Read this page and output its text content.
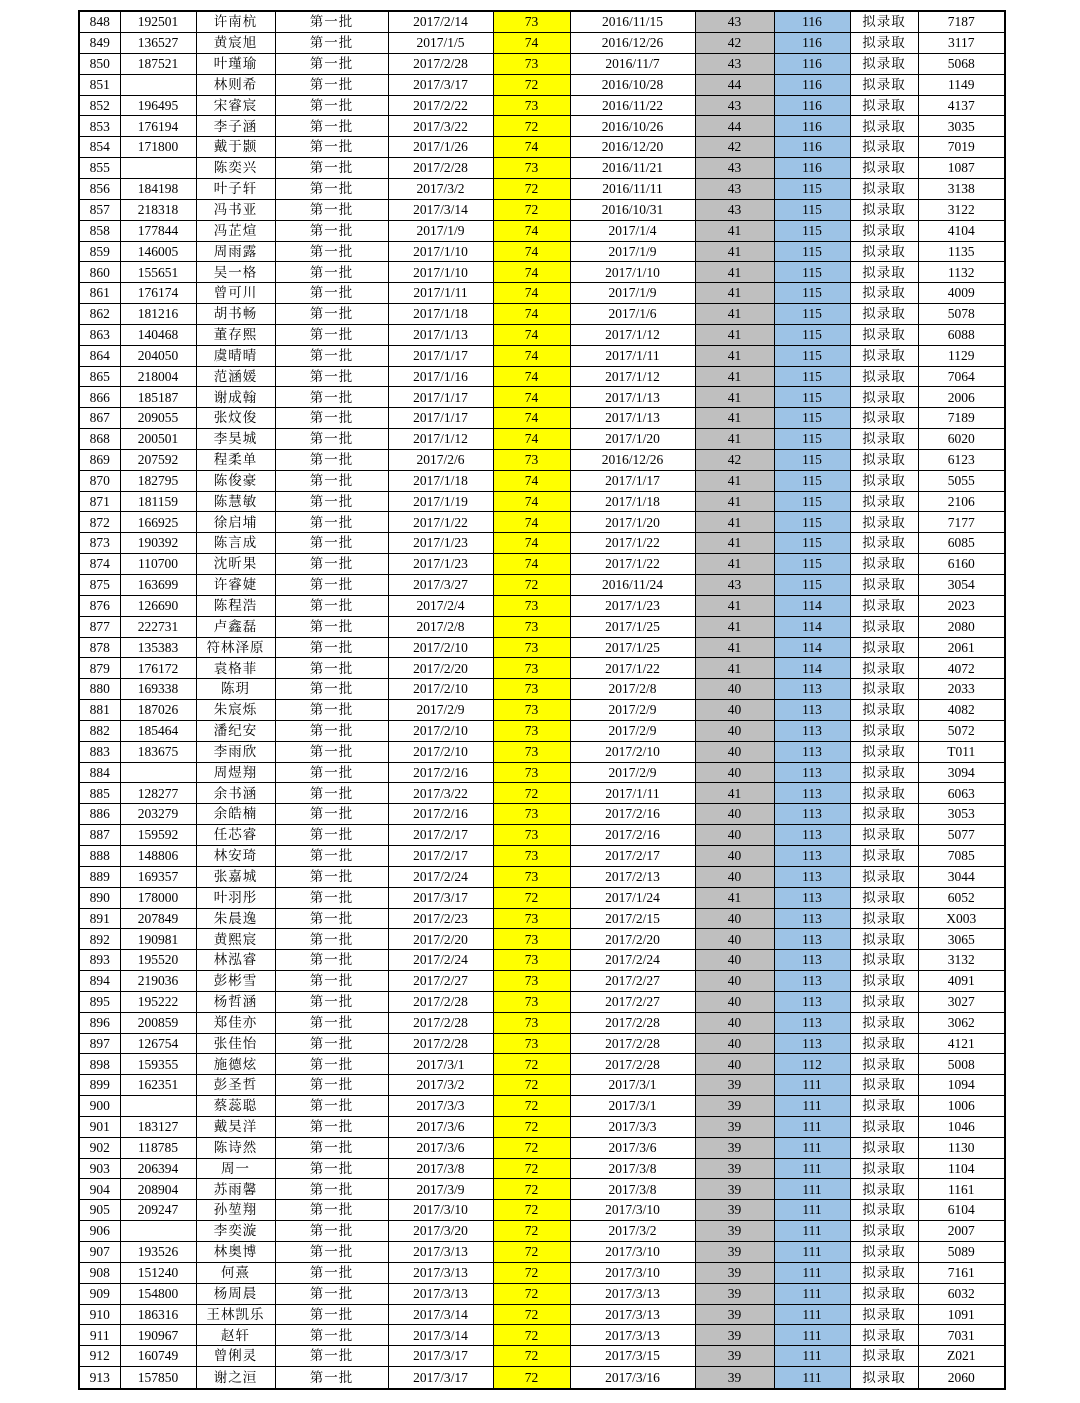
848	192501	许南杭	第一批	2017/2/14	73	2016/11/15	43	116	拟录取	7187
849	136527	黄宸旭	第一批	2017/1/5	74	2016/12/26	42	116	拟录取	3117
850	187521	叶瑾瑜	第一批	2017/2/28	73	2016/11/7	43	116	拟录取	5068
851		林则希	第一批	2017/3/17	72	2016/10/28	44	116	拟录取	1149
852	196495	宋睿宸	第一批	2017/2/22	73	2016/11/22	43	116	拟录取	4137
853	176194	李子涵	第一批	2017/3/22	72	2016/10/26	44	116	拟录取	3035
854	171800	戴于颢	第一批	2017/1/26	74	2016/12/20	42	116	拟录取	7019
855		陈奕兴	第一批	2017/2/28	73	2016/11/21	43	116	拟录取	1087
856	184198	叶子轩	第一批	2017/3/2	72	2016/11/11	43	115	拟录取	3138
857	218318	冯书亚	第一批	2017/3/14	72	2016/10/31	43	115	拟录取	3122
858	177844	冯芷煊	第一批	2017/1/9	74	2017/1/4	41	115	拟录取	4104
859	146005	周雨露	第一批	2017/1/10	74	2017/1/9	41	115	拟录取	1135
860	155651	吴一格	第一批	2017/1/10	74	2017/1/10	41	115	拟录取	1132
861	176174	曾可川	第一批	2017/1/11	74	2017/1/9	41	115	拟录取	4009
862	181216	胡书畅	第一批	2017/1/18	74	2017/1/6	41	115	拟录取	5078
863	140468	董存熙	第一批	2017/1/13	74	2017/1/12	41	115	拟录取	6088
864	204050	虞晴晴	第一批	2017/1/17	74	2017/1/11	41	115	拟录取	1129
865	218004	范涵媛	第一批	2017/1/16	74	2017/1/12	41	115	拟录取	7064
866	185187	谢成翰	第一批	2017/1/17	74	2017/1/13	41	115	拟录取	2006
867	209055	张炆俊	第一批	2017/1/17	74	2017/1/13	41	115	拟录取	7189
868	200501	李昊城	第一批	2017/1/12	74	2017/1/20	41	115	拟录取	6020
869	207592	程柔单	第一批	2017/2/6	73	2016/12/26	42	115	拟录取	6123
870	182795	陈俊豪	第一批	2017/1/18	74	2017/1/17	41	115	拟录取	5055
871	181159	陈慧敏	第一批	2017/1/19	74	2017/1/18	41	115	拟录取	2106
872	166925	徐启埔	第一批	2017/1/22	74	2017/1/20	41	115	拟录取	7177
873	190392	陈言成	第一批	2017/1/23	74	2017/1/22	41	115	拟录取	6085
874	110700	沈昕果	第一批	2017/1/23	74	2017/1/22	41	115	拟录取	6160
875	163699	许睿婕	第一批	2017/3/27	72	2016/11/24	43	115	拟录取	3054
876	126690	陈程浩	第一批	2017/2/4	73	2017/1/23	41	114	拟录取	2023
877	222731	卢鑫磊	第一批	2017/2/8	73	2017/1/25	41	114	拟录取	2080
878	135383	符林泽原	第一批	2017/2/10	73	2017/1/25	41	114	拟录取	2061
879	176172	袁格菲	第一批	2017/2/20	73	2017/1/22	41	114	拟录取	4072
880	169338	陈玥	第一批	2017/2/10	73	2017/2/8	40	113	拟录取	2033
881	187026	朱宸烁	第一批	2017/2/9	73	2017/2/9	40	113	拟录取	4082
882	185464	潘纪安	第一批	2017/2/10	73	2017/2/9	40	113	拟录取	5072
883	183675	李雨欣	第一批	2017/2/10	73	2017/2/10	40	113	拟录取	T011
884		周煜翔	第一批	2017/2/16	73	2017/2/9	40	113	拟录取	3094
885	128277	余书涵	第一批	2017/3/22	72	2017/1/11	41	113	拟录取	6063
886	203279	余皓楠	第一批	2017/2/16	73	2017/2/16	40	113	拟录取	3053
887	159592	任芯睿	第一批	2017/2/17	73	2017/2/16	40	113	拟录取	5077
888	148806	林安琦	第一批	2017/2/17	73	2017/2/17	40	113	拟录取	7085
889	169357	张嘉城	第一批	2017/2/24	73	2017/2/13	40	113	拟录取	3044
890	178000	叶羽彤	第一批	2017/3/17	72	2017/1/24	41	113	拟录取	6052
891	207849	朱晨逸	第一批	2017/2/23	73	2017/2/15	40	113	拟录取	X003
892	190981	黄熙宸	第一批	2017/2/20	73	2017/2/20	40	113	拟录取	3065
893	195520	林泓睿	第一批	2017/2/24	73	2017/2/24	40	113	拟录取	3132
894	219036	彭彬雪	第一批	2017/2/27	73	2017/2/27	40	113	拟录取	4091
895	195222	杨哲涵	第一批	2017/2/28	73	2017/2/27	40	113	拟录取	3027
896	200859	郑佳亦	第一批	2017/2/28	73	2017/2/28	40	113	拟录取	3062
897	126754	张佳怡	第一批	2017/2/28	73	2017/2/28	40	113	拟录取	4121
898	159355	施德炫	第一批	2017/3/1	72	2017/2/28	40	112	拟录取	5008
899	162351	彭圣哲	第一批	2017/3/2	72	2017/3/1	39	111	拟录取	1094
900		蔡蕊聪	第一批	2017/3/3	72	2017/3/1	39	111	拟录取	1006
901	183127	戴昊洋	第一批	2017/3/6	72	2017/3/3	39	111	拟录取	1046
902	118785	陈诗然	第一批	2017/3/6	72	2017/3/6	39	111	拟录取	1130
903	206394	周一	第一批	2017/3/8	72	2017/3/8	39	111	拟录取	1104
904	208904	苏雨馨	第一批	2017/3/9	72	2017/3/8	39	111	拟录取	1161
905	209247	孙堃翔	第一批	2017/3/10	72	2017/3/10	39	111	拟录取	6104
906		李奕漩	第一批	2017/3/20	72	2017/3/2	39	111	拟录取	2007
907	193526	林奥博	第一批	2017/3/13	72	2017/3/10	39	111	拟录取	5089
908	151240	何熹	第一批	2017/3/13	72	2017/3/10	39	111	拟录取	7161
909	154800	杨周晨	第一批	2017/3/13	72	2017/3/13	39	111	拟录取	6032
910	186316	王林凯乐	第一批	2017/3/14	72	2017/3/13	39	111	拟录取	1091
911	190967	赵轩	第一批	2017/3/14	72	2017/3/13	39	111	拟录取	7031
912	160749	曾俐灵	第一批	2017/3/17	72	2017/3/15	39	111	拟录取	Z021
913	157850	谢之洹	第一批	2017/3/17	72	2017/3/16	39	111	拟录取	2060
